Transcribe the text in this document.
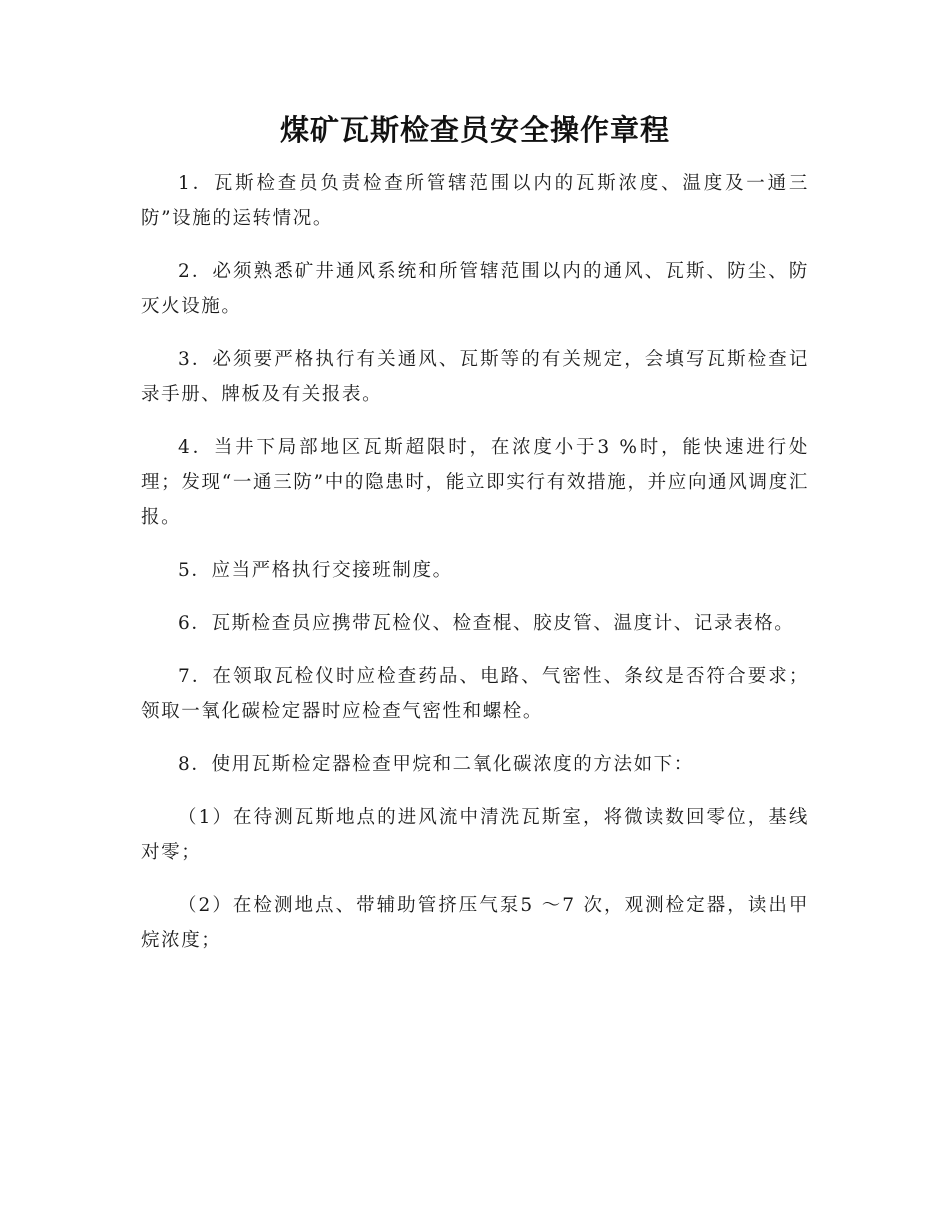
煤矿瓦斯检查员安全操作章程

1．瓦斯检查员负责检查所管辖范围以内的瓦斯浓度、温度及一通三防”设施的运转情况。

2．必须熟悉矿井通风系统和所管辖范围以内的通风、瓦斯、防尘、防灭火设施。

3．必须要严格执行有关通风、瓦斯等的有关规定，会填写瓦斯检查记录手册、牌板及有关报表。

4．当井下局部地区瓦斯超限时，在浓度小于3 %时，能快速进行处理；发现“一通三防”中的隐患时，能立即实行有效措施，并应向通风调度汇报。

5．应当严格执行交接班制度。

6．瓦斯检查员应携带瓦检仪、检查棍、胶皮管、温度计、记录表格。

7．在领取瓦检仪时应检查药品、电路、气密性、条纹是否符合要求；领取一氧化碳检定器时应检查气密性和螺栓。

8．使用瓦斯检定器检查甲烷和二氧化碳浓度的方法如下：

（1）在待测瓦斯地点的进风流中清洗瓦斯室，将微读数回零位，基线对零；

（2）在检测地点、带辅助管挤压气泵5 ～7 次，观测检定器，读出甲烷浓度；
